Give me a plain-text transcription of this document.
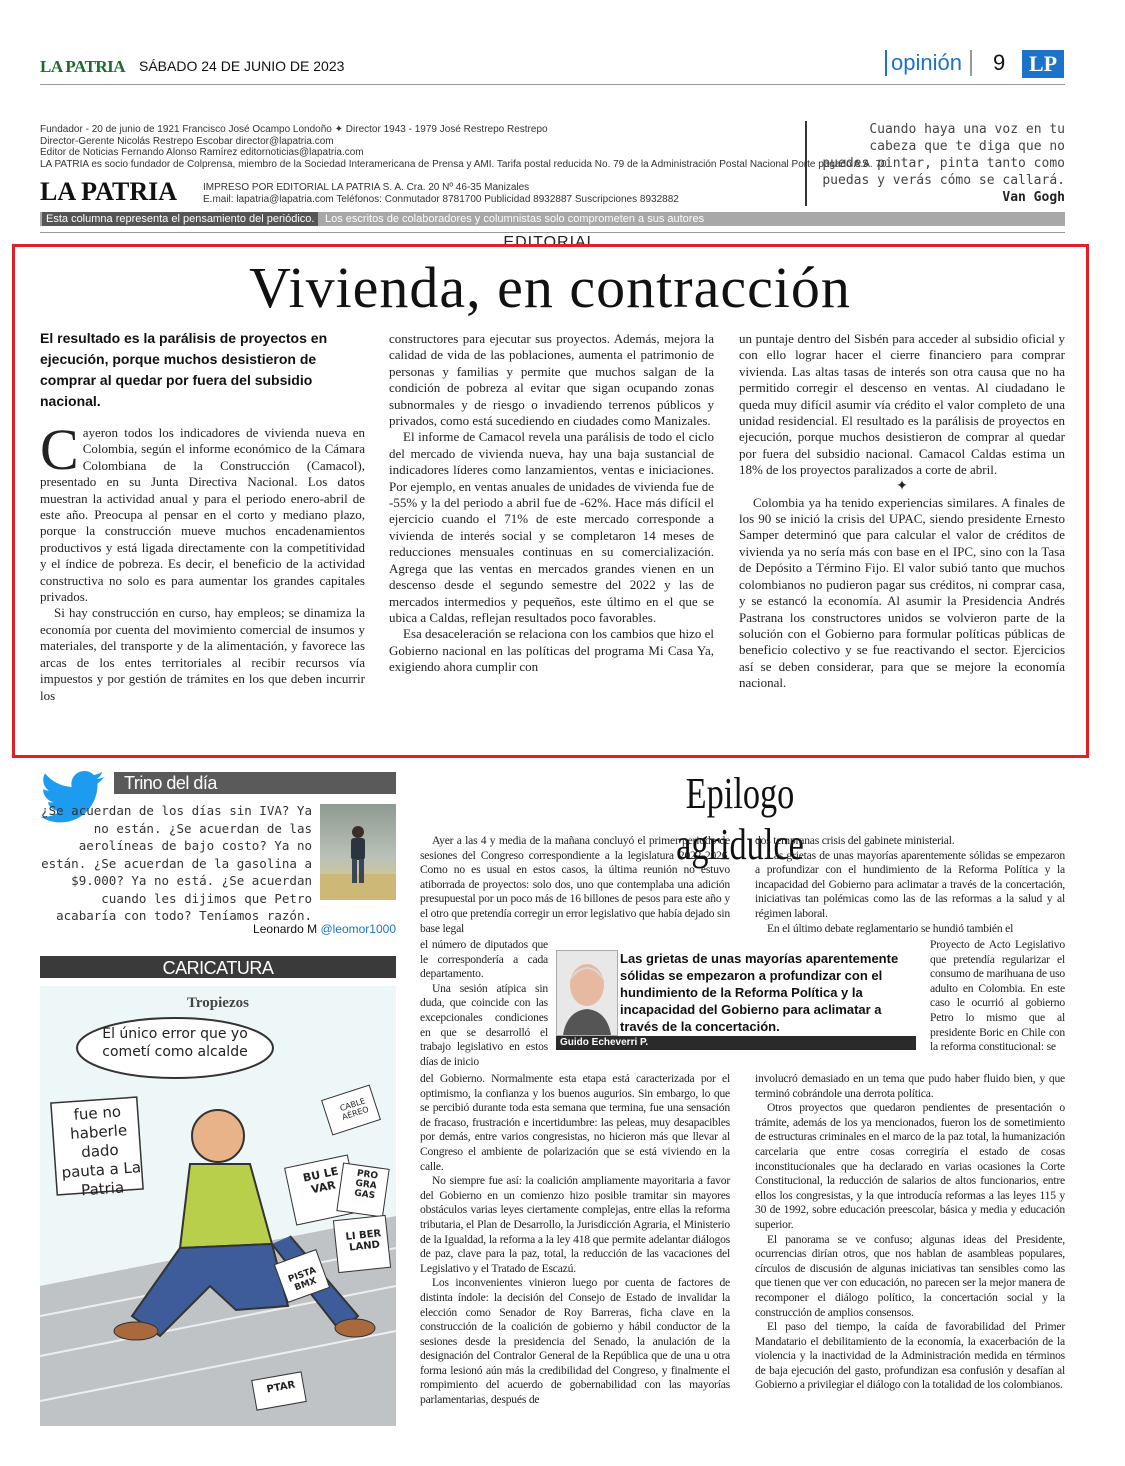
LA PATRIA SÁBADO 24 DE JUNIO DE 2023	opinión	9	LP
Fundador - 20 de junio de 1921 Francisco José Ocampo Londoño ✦ Director 1943 - 1979 José Restrepo Restrepo
Director-Gerente Nicolás Restrepo Escobar director@lapatria.com
Editor de Noticias Fernando Alonso Ramírez editornoticias@lapatria.com
LA PATRIA es socio fundador de Colprensa, miembro de la Sociedad Interamericana de Prensa y AMI. Tarifa postal reducida No. 79 de la Administración Postal Nacional Porte pagado A.A. 70
LA PATRIA	IMPRESO POR EDITORIAL LA PATRIA S. A. Cra. 20 Nº 46-35 Manizales
E.mail: lapatria@lapatria.com Teléfonos: Conmutador 8781700 Publicidad 8932887 Suscripciones 8932882
Cuando haya una voz en tu cabeza que te diga que no puedes pintar, pinta tanto como puedas y verás cómo se callará.
Van Gogh
Esta columna representa el pensamiento del periódico. Los escritos de colaboradores y columnistas solo comprometen a sus autores
EDITORIAL
Vivienda, en contracción
El resultado es la parálisis de proyectos en ejecución, porque muchos desistieron de comprar al quedar por fuera del subsidio nacional.

Cayeron todos los indicadores de vivienda nueva en Colombia, según el informe económico de la Cámara Colombiana de la Construcción (Camacol), presentado en su Junta Directiva Nacional. Los datos muestran la actividad anual y para el periodo enero-abril de este año. Preocupa al pensar en el corto y mediano plazo, porque la construcción mueve muchos encadenamientos productivos y está ligada directamente con la competitividad y el índice de pobreza. Es decir, el beneficio de la actividad constructiva no solo es para aumentar los grandes capitales privados.

Si hay construcción en curso, hay empleos; se dinamiza la economía por cuenta del movimiento comercial de insumos y materiales, del transporte y de la alimentación, y favorece las arcas de los entes territoriales al recibir recursos vía impuestos y por gestión de trámites en los que deben incurrir los

constructores para ejecutar sus proyectos. Además, mejora la calidad de vida de las poblaciones, aumenta el patrimonio de personas y familias y permite que muchos salgan de la condición de pobreza al evitar que sigan ocupando zonas subnormales y de riesgo o invadiendo terrenos públicos y privados, como está sucediendo en ciudades como Manizales.

El informe de Camacol revela una parálisis de todo el ciclo del mercado de vivienda nueva, hay una baja sustancial de indicadores líderes como lanzamientos, ventas e iniciaciones. Por ejemplo, en ventas anuales de unidades de vivienda fue de -55% y la del periodo a abril fue de -62%. Hace más difícil el ejercicio cuando el 71% de este mercado corresponde a vivienda de interés social y se completaron 14 meses de reducciones mensuales continuas en su comercialización. Agrega que las ventas en mercados grandes vienen en un descenso desde el segundo semestre del 2022 y las de mercados intermedios y pequeños, este último en el que se ubica a Caldas, reflejan resultados poco favorables.

Esa desaceleración se relaciona con los cambios que hizo el Gobierno nacional en las políticas del programa Mi Casa Ya, exigiendo ahora cumplir con

un puntaje dentro del Sisbén para acceder al subsidio oficial y con ello lograr hacer el cierre financiero para comprar vivienda. Las altas tasas de interés son otra causa que no ha permitido corregir el descenso en ventas. Al ciudadano le queda muy difícil asumir vía crédito el valor completo de una unidad residencial. El resultado es la parálisis de proyectos en ejecución, porque muchos desistieron de comprar al quedar por fuera del subsidio nacional. Camacol Caldas estima un 18% de los proyectos paralizados a corte de abril.

✦

Colombia ya ha tenido experiencias similares. A finales de los 90 se inició la crisis del UPAC, siendo presidente Ernesto Samper determinó que para calcular el valor de créditos de vivienda ya no sería más con base en el IPC, sino con la Tasa de Depósito a Término Fijo. El valor subió tanto que muchos colombianos no pudieron pagar sus créditos, ni comprar casa, y se estancó la economía. Al asumir la Presidencia Andrés Pastrana los constructores unidos se volvieron parte de la solución con el Gobierno para formular políticas públicas de beneficio colectivo y se fue reactivando el sector. Ejercicios así se deben considerar, para que se mejore la economía nacional.

Trino del día
¿Se acuerdan de los días sin IVA? Ya no están. ¿Se acuerdan de las aerolíneas de bajo costo? Ya no están. ¿Se acuerdan de la gasolina a $9.000? Ya no está. ¿Se acuerdan cuando les dijimos que Petro acabaría con todo? Teníamos razón.
Leonardo M @leomor1000
CARICATURA
Tropiezos
El único error que yo cometí como alcalde
fue no haberle dado pauta a La Patria
CABLE AÉREO
BU LE VAR
PRO GRA GAS
LI BER LAND
PISTA BMX
PTAR
Epilogo agridulce

Ayer a las 4 y media de la mañana concluyó el primer periodo de sesiones del Congreso correspondiente a la legislatura 2022-2026. Como no es usual en estos casos, la última reunión no estuvo atiborrada de proyectos: solo dos, uno que contemplaba una adición presupuestal por un poco más de 16 billones de pesos para este año y el otro que pretendía corregir un error legislativo que había dejado sin base legal

el número de diputados que le correspondería a cada departamento.

Una sesión atípica sin duda, que coincide con las excepcionales condiciones en que se desarrolló el trabajo legislativo en estos días de inicio

del Gobierno. Normalmente esta etapa está caracterizada por el optimismo, la confianza y los buenos augurios. Sin embargo, lo que se percibió durante toda esta semana que termina, fue una sensación de fracaso, frustración e incertidumbre: las peleas, muy desapacibles por demás, entre varios congresistas, no hicieron más que llevar al Congreso el ambiente de polarización que se está viviendo en la calle.

No siempre fue así: la coalición ampliamente mayoritaria a favor del Gobierno en un comienzo hizo posible tramitar sin mayores obstáculos varias leyes ciertamente complejas, entre ellas la reforma tributaria, el Plan de Desarrollo, la Jurisdicción Agraria, el Ministerio de la Igualdad, la reforma a la ley 418 que permite adelantar diálogos de paz, clave para la paz, total, la reducción de las vacaciones del Legislativo y el Tratado de Escazú.

Los inconvenientes vinieron luego por cuenta de factores de distinta índole: la decisión del Consejo de Estado de invalidar la elección como Senador de Roy Barreras, ficha clave en la construcción de la coalición de gobierno y hábil conductor de la sesiones desde la presidencia del Senado, la anulación de la designación del Contralor General de la República que de una u otra forma lesionó aún más la credibilidad del Congreso, y finalmente el rompimiento del acuerdo de gobernabilidad con las mayorías parlamentarias, después de

dos tempranas crisis del gabinete ministerial.

Las grietas de unas mayorías aparentemente sólidas se empezaron a profundizar con el hundimiento de la Reforma Política y la incapacidad del Gobierno para aclimatar a través de la concertación, iniciativas tan polémicas como las de las reformas a la salud y al régimen laboral.

En el último debate reglamentario se hundió también el

Proyecto de Acto Legislativo que pretendía regularizar el consumo de marihuana de uso adulto en Colombia. En este caso le ocurrió al gobierno Petro lo mismo que al presidente Boric en Chile con la reforma constitucional: se

involucró demasiado en un tema que pudo haber fluido bien, y que terminó cobrándole una derrota política.

Otros proyectos que quedaron pendientes de presentación o trámite, además de los ya mencionados, fueron los de sometimiento de estructuras criminales en el marco de la paz total, la humanización carcelaria que entre cosas corregiría el estado de cosas inconstitucionales que ha declarado en varias ocasiones la Corte Constitucional, la reducción de salarios de altos funcionarios, entre ellos los congresistas, y la que introducía reformas a las leyes 115 y 30 de 1992, sobre educación preescolar, básica y media y educación superior.

El panorama se ve confuso; algunas ideas del Presidente, ocurrencias dirían otros, que nos hablan de asambleas populares, círculos de discusión de algunas iniciativas tan sensibles como las que tienen que ver con educación, no parecen ser la mejor manera de recomponer el diálogo político, la concertación social y la construcción de amplios consensos.

El paso del tiempo, la caída de favorabilidad del Primer Mandatario el debilitamiento de la economía, la exacerbación de la violencia y la inactividad de la Administración medida en términos de baja ejecución del gasto, profundizan esa confusión y desafían al Gobierno a privilegiar el diálogo con la totalidad de los colombianos.

Las grietas de unas mayorías aparentemente sólidas se empezaron a profundizar con el hundimiento de la Reforma Política y la incapacidad del Gobierno para aclimatar a través de la concertación.
Guido Echeverri P.
